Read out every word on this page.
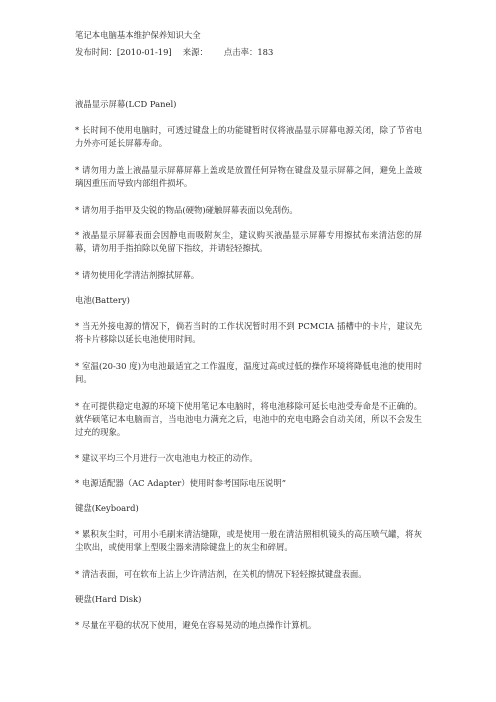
笔记本电脑基本维护保养知识大全

发布时间：[2010-01-19] 来源： 点击率：183

液晶显示屏幕(LCD Panel)

* 长时间不使用电脑时，可透过键盘上的功能键暂时仅将液晶显示屏幕电源关闭，除了节省电力外亦可延长屏幕寿命。

* 请勿用力盖上液晶显示屏幕屏幕上盖或是放置任何异物在键盘及显示屏幕之间，避免上盖玻璃因重压而导致内部组件损坏。

* 请勿用手指甲及尖锐的物品(硬物)碰触屏幕表面以免刮伤。

* 液晶显示屏幕表面会因静电而吸附灰尘，建议购买液晶显示屏幕专用擦拭布来清洁您的屏幕，请勿用手指拍除以免留下指纹，并请轻轻擦拭。

* 请勿使用化学清洁剂擦拭屏幕。

电池(Battery)

* 当无外接电源的情况下，倘若当时的工作状况暂时用不到 PCMCIA 插槽中的卡片，建议先将卡片移除以延长电池使用时间。

* 室温(20-30 度)为电池最适宜之工作温度，温度过高或过低的操作环境将降低电池的使用时间。

* 在可提供稳定电源的环境下使用笔记本电脑时，将电池移除可延长电池受寿命是不正确的。就华硕笔记本电脑而言，当电池电力满充之后，电池中的充电电路会自动关闭，所以不会发生过充的现象。

* 建议平均三个月进行一次电池电力校正的动作。

* 电源适配器（AC Adapter）使用时参考国际电压说明”

键盘(Keyboard)

* 累积灰尘时，可用小毛刷来清洁缝隙，或是使用一般在清洁照相机镜头的高压喷气罐，将灰尘吹出，或使用掌上型吸尘器来清除键盘上的灰尘和碎屑。

* 清洁表面，可在软布上沾上少许清洁剂，在关机的情况下轻轻擦拭键盘表面。

硬盘(Hard Disk)

* 尽量在平稳的状况下使用，避免在容易晃动的地点操作计算机。
